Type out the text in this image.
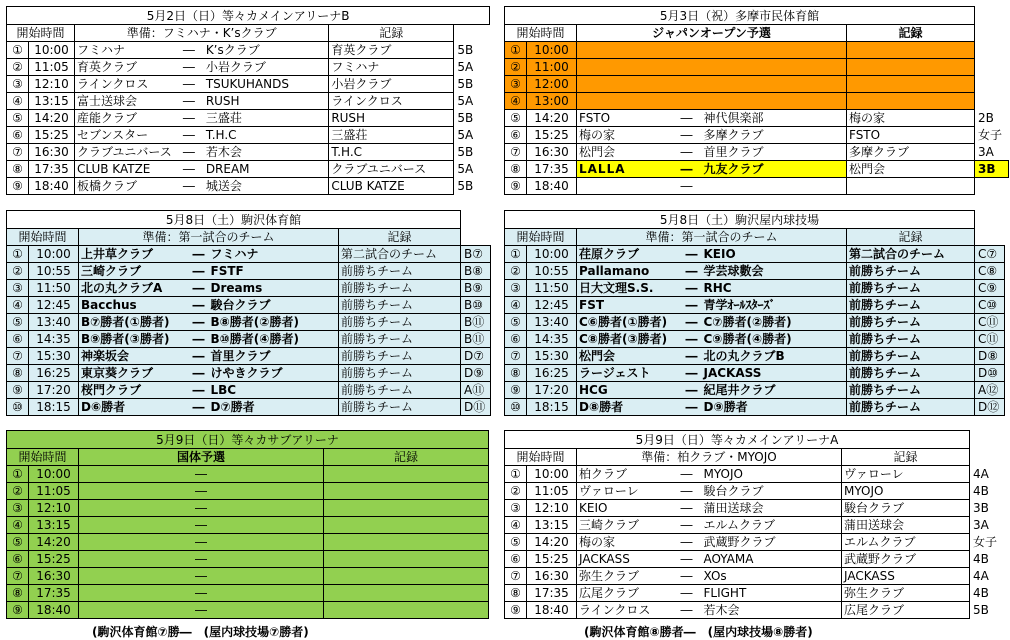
5月2日（日）等々カメインアリーナB						
開始時間		準備：フミハナ・K’sクラブ			記録	
①	10:00	フミハナ	―	K’sクラブ	育英クラブ	5B
②	11:05	育英クラブ	―	小岩クラブ	フミハナ	5A
③	12:10	ラインクロス	―	TSUKUHANDS	小岩クラブ	5B
④	13:15	富士送球会	―	RUSH	ラインクロス	5A
⑤	14:20	産能クラブ	―	三盛荘	RUSH	5B
⑥	15:25	セブンスター	―	T.H.C	三盛荘	5A
⑦	16:30	クラブユニバース	―	若木会	T.H.C	5B
⑧	17:35	CLUB KATZE	―	DREAM	クラブユニバース	5A
⑨	18:40	板橋クラブ	―	城送会	CLUB KATZE	5B
5月3日（祝）多摩市民体育館						
開始時間		ジャパンオープン予選			記録	
①	10:00					
②	11:00					
③	12:00					
④	13:00					
⑤	14:20	FSTO	―	神代倶楽部	梅の家	2B
⑥	15:25	梅の家	―	多摩クラブ	FSTO	女子
⑦	16:30	松門会	―	首里クラブ	多摩クラブ	3A
⑧	17:35	LALLA	―	九友クラブ	松門会	3B
⑨	18:40		―			
5月8日（土）駒沢体育館						
開始時間		準備：第一試合のチーム			記録	
①	10:00	上井草クラブ	―	フミハナ	第二試合のチーム	B⑦
②	10:55	三崎クラブ	―	FSTF	前勝ちチーム	B⑧
③	11:50	北の丸クラブA	―	Dreams	前勝ちチーム	B⑨
④	12:45	Bacchus	―	駿台クラブ	前勝ちチーム	B⑩
⑤	13:40	B⑦勝者(①勝者)	―	B⑧勝者(②勝者)	前勝ちチーム	B⑪
⑥	14:35	B⑨勝者(③勝者)	―	B⑩勝者(④勝者)	前勝ちチーム	B⑪
⑦	15:30	神楽坂会	―	首里クラブ	前勝ちチーム	D⑦
⑧	16:25	東京葵クラブ	―	けやきクラブ	前勝ちチーム	D⑨
⑨	17:20	桜門クラブ	―	LBC	前勝ちチーム	A⑪
⑩	18:15	D⑥勝者	―	D⑦勝者	前勝ちチーム	D⑪
(駒沢体育館⑦勝―　(屋内球技場⑦勝者)
5月8日（土）駒沢屋内球技場						
開始時間		準備：第一試合のチーム			記録	
①	10:00	荏原クラブ	―	KEIO	第二試合のチーム	C⑦
②	10:55	Pallamano	―	学芸球數会	前勝ちチーム	C⑧
③	11:50	日大文理S.S.	―	RHC	前勝ちチーム	C⑨
④	12:45	FST	―	青学ｵｰﾙｽﾀｰｽﾞ	前勝ちチーム	C⑩
⑤	13:40	C⑥勝者(①勝者)	―	C⑦勝者(②勝者)	前勝ちチーム	C⑪
⑥	14:35	C⑧勝者(③勝者)	―	C⑨勝者(④勝者)	前勝ちチーム	C⑪
⑦	15:30	松門会	―	北の丸クラブB	前勝ちチーム	D⑧
⑧	16:25	ラージェスト	―	JACKASS	前勝ちチーム	D⑩
⑨	17:20	HCG	―	紀尾井クラブ	前勝ちチーム	A⑫
⑩	18:15	D⑧勝者	―	D⑨勝者	前勝ちチーム	D⑫
(駒沢体育館⑧勝者―　(屋内球技場⑧勝者)
5月9日（日）等々カサブアリーナ			
開始時間		国体予選	記録
①	10:00	―	
②	11:05	―	
③	12:10	―	
④	13:15	―	
⑤	14:20	―	
⑥	15:25	―	
⑦	16:30	―	
⑧	17:35	―	
⑨	18:40	―	
5月9日（日）等々カメインアリーナA						
開始時間		準備：柏クラブ・MYOJO			記録	
①	10:00	柏クラブ	―	MYOJO	ヴァローレ	4A
②	11:05	ヴァローレ	―	駿台クラブ	MYOJO	4B
③	12:10	KEIO	―	蒲田送球会	駿台クラブ	3B
④	13:15	三崎クラブ	―	エルムクラブ	蒲田送球会	3A
⑤	14:20	梅の家	―	武蔵野クラブ	エルムクラブ	女子
⑥	15:25	JACKASS	―	AOYAMA	武蔵野クラブ	4B
⑦	16:30	弥生クラブ	―	XOs	JACKASS	4A
⑧	17:35	広尾クラブ	―	FLIGHT	弥生クラブ	4B
⑨	18:40	ラインクロス	―	若木会	広尾クラブ	5B
